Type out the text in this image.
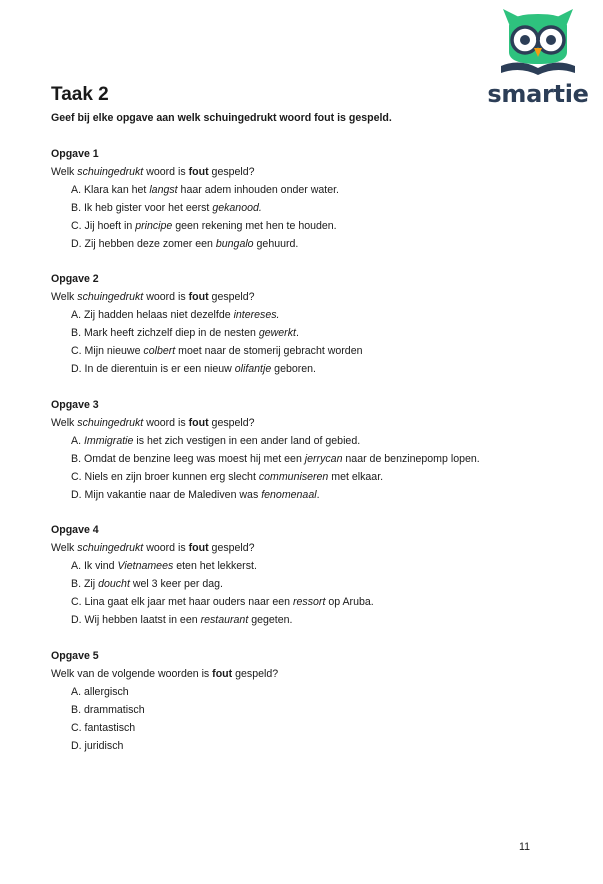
smartie
Taak 2

Geef bij elke opgave aan welk schuingedrukt woord fout is gespeld.

Opgave 1
Welk schuingedrukt woord is fout gespeld?
A. Klara kan het langst haar adem inhouden onder water.
B. Ik heb gister voor het eerst gekanood.
C. Jij hoeft in principe geen rekening met hen te houden.
D. Zij hebben deze zomer een bungalo gehuurd.
Opgave 2
Welk schuingedrukt woord is fout gespeld?
A. Zij hadden helaas niet dezelfde intereses.
B. Mark heeft zichzelf diep in de nesten gewerkt.
C. Mijn nieuwe colbert moet naar de stomerij gebracht worden
D. In de dierentuin is er een nieuw olifantje geboren.
Opgave 3
Welk schuingedrukt woord is fout gespeld?
A. Immigratie is het zich vestigen in een ander land of gebied.
B. Omdat de benzine leeg was moest hij met een jerrycan naar de benzinepomp lopen.
C. Niels en zijn broer kunnen erg slecht communiseren met elkaar.
D. Mijn vakantie naar de Malediven was fenomenaal.
Opgave 4
Welk schuingedrukt woord is fout gespeld?
A. Ik vind Vietnamees eten het lekkerst.
B. Zij doucht wel 3 keer per dag.
C. Lina gaat elk jaar met haar ouders naar een ressort op Aruba.
D. Wij hebben laatst in een restaurant gegeten.
Opgave 5
Welk van de volgende woorden is fout gespeld?
A. allergisch
B. drammatisch
C. fantastisch
D. juridisch
11
